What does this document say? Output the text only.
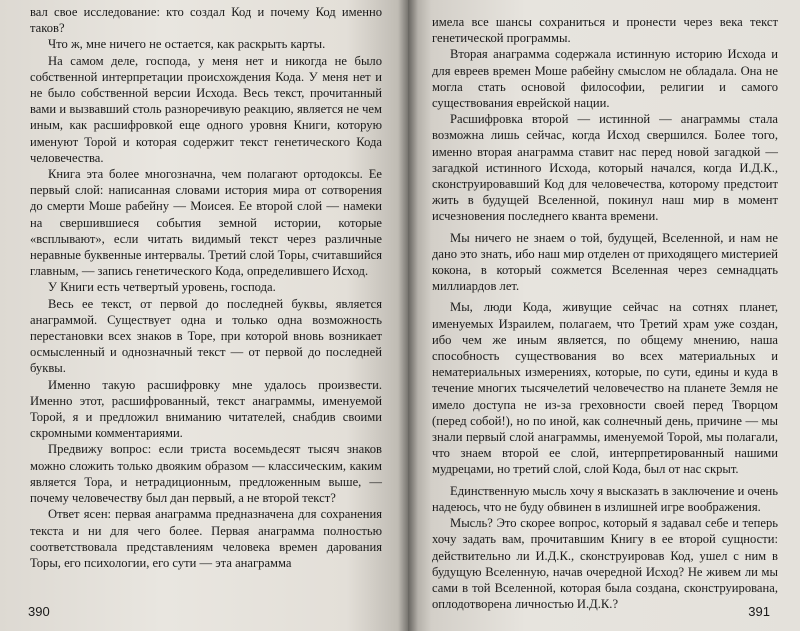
вал свое исследование: кто создал Код и почему Код именно таков?

Что ж, мне ничего не остается, как раскрыть карты.

На самом деле, господа, у меня нет и никогда не было собственной интерпретации происхождения Кода. У меня нет и не было собственной версии Исхода. Весь текст, прочитанный вами и вызвавший столь разноречивую реакцию, является не чем иным, как расшифровкой еще одного уровня Книги, которую именуют Торой и которая содержит текст генетического Кода человечества.

Книга эта более многозначна, чем полагают ортодоксы. Ее первый слой: написанная словами история мира от сотворения до смерти Моше рабейну — Моисея. Ее второй слой — намеки на свершившиеся события земной истории, которые «всплывают», если читать видимый текст через различные неравные буквенные интервалы. Третий слой Торы, считавшийся главным, — запись генетического Кода, определившего Исход.

У Книги есть четвертый уровень, господа.

Весь ее текст, от первой до последней буквы, является анаграммой. Существует одна и только одна возможность перестановки всех знаков в Торе, при которой вновь возникает осмысленный и однозначный текст — от первой до последней буквы.

Именно такую расшифровку мне удалось произвести. Именно этот, расшифрованный, текст анаграммы, именуемой Торой, я и предложил вниманию читателей, снабдив своими скромными комментариями.

Предвижу вопрос: если триста восемьдесят тысяч знаков можно сложить только двояким образом — классическим, каким является Тора, и нетрадиционным, предложенным выше, — почему человечеству был дан первый, а не второй текст?

Ответ ясен: первая анаграмма предназначена для сохранения текста и ни для чего более. Первая анаграмма полностью соответствовала представлениям человека времен дарования Торы, его психологии, его сути — эта анаграмма

390

имела все шансы сохраниться и пронести через века текст генетической программы.

Вторая анаграмма содержала истинную историю Исхода и для евреев времен Моше рабейну смыслом не обладала. Она не могла стать основой философии, религии и самого существования еврейской нации.

Расшифровка второй — истинной — анаграммы стала возможна лишь сейчас, когда Исход свершился. Более того, именно вторая анаграмма ставит нас перед новой загадкой — загадкой истинного Исхода, который начался, когда И.Д.К., сконструировавший Код для человечества, которому предстоит жить в будущей Вселенной, покинул наш мир в момент исчезновения последнего кванта времени.

Мы ничего не знаем о той, будущей, Вселенной, и нам не дано это знать, ибо наш мир отделен от приходящего мистерией кокона, в который сожмется Вселенная через семнадцать миллиардов лет.

Мы, люди Кода, живущие сейчас на сотнях планет, именуемых Израилем, полагаем, что Третий храм уже создан, ибо чем же иным является, по общему мнению, наша способность существования во всех материальных и нематериальных измерениях, которые, по сути, едины и куда в течение многих тысячелетий человечество на планете Земля не имело доступа не из-за греховности своей перед Творцом (перед собой!), но по иной, как солнечный день, причине — мы знали первый слой анаграммы, именуемой Торой, мы полагали, что знаем второй ее слой, интерпретированный нашими мудрецами, но третий слой, слой Кода, был от нас скрыт.

Единственную мысль хочу я высказать в заключение и очень надеюсь, что не буду обвинен в излишней игре воображения.

Мысль? Это скорее вопрос, который я задавал себе и теперь хочу задать вам, прочитавшим Книгу в ее второй сущности: действительно ли И.Д.К., сконструировав Код, ушел с ним в будущую Вселенную, начав очередной Исход? Не живем ли мы сами в той Вселенной, которая была создана, сконструирована, оплодотворена личностью И.Д.К.?	391
